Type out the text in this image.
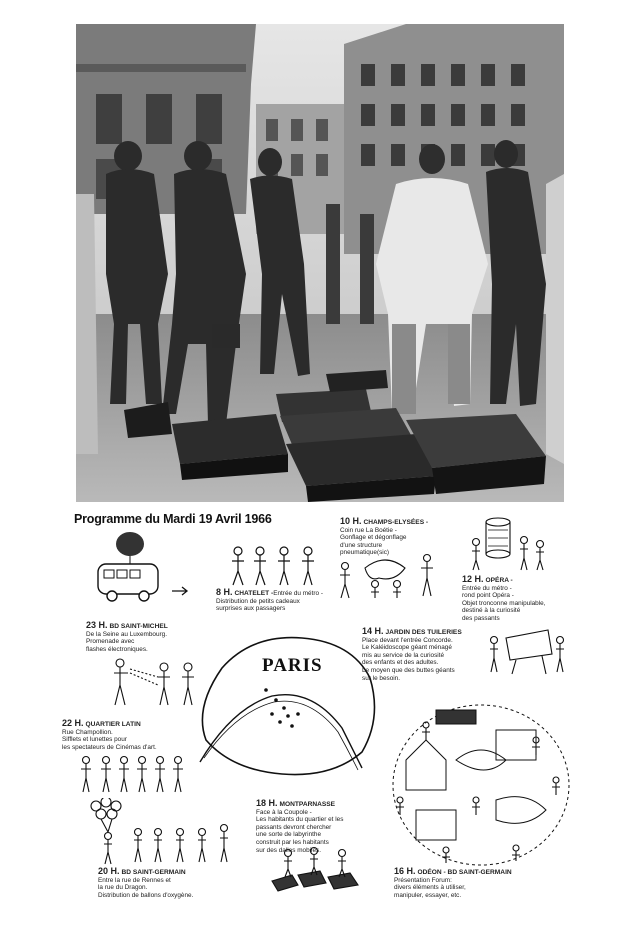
Programme du Mardi 19 Avril 1966
PARIS
10 H. CHAMPS-ELYSÉES -
Coin rue La Boétie -
Gonflage et dégonflage
d'une structure
pneumatique(sic)
12 H. OPÉRA -
Entrée du métro -
rond point Opéra -
Objet tronconne manipulable,
destiné à la curiosité
des passants
8 H. CHATELET -Entrée du métro -
Distribution de petits cadeaux
surprises aux passagers
23 H. BD SAINT-MICHEL
De la Seine au Luxembourg.
Promenade avec
flashes électroniques.
14 H. JARDIN DES TUILERIES
Place devant l'entrée Concorde.
Le Kaléidoscope géant ménagé
mis au service de la curiosité
des enfants et des adultes.
Le moyen que des buttes géants
sur le besoin.
22 H. QUARTIER LATIN
Rue Champollion.
Sifflets et lunettes pour
les spectateurs de Cinémas d'art.
18 H. MONTPARNASSE
Face à la Coupole -
Les habitants du quartier et les
passants devront chercher
une sorte de labyrinthe
construit par les habitants
sur des dalles mobiles.
20 H. BD SAINT-GERMAIN
Entre la rue de Rennes et
la rue du Dragon.
Distribution de ballons d'oxygène.
16 H. ODÉON - BD SAINT-GERMAIN
Présentation Forum:
divers éléments à utiliser,
manipuler, essayer, etc.
